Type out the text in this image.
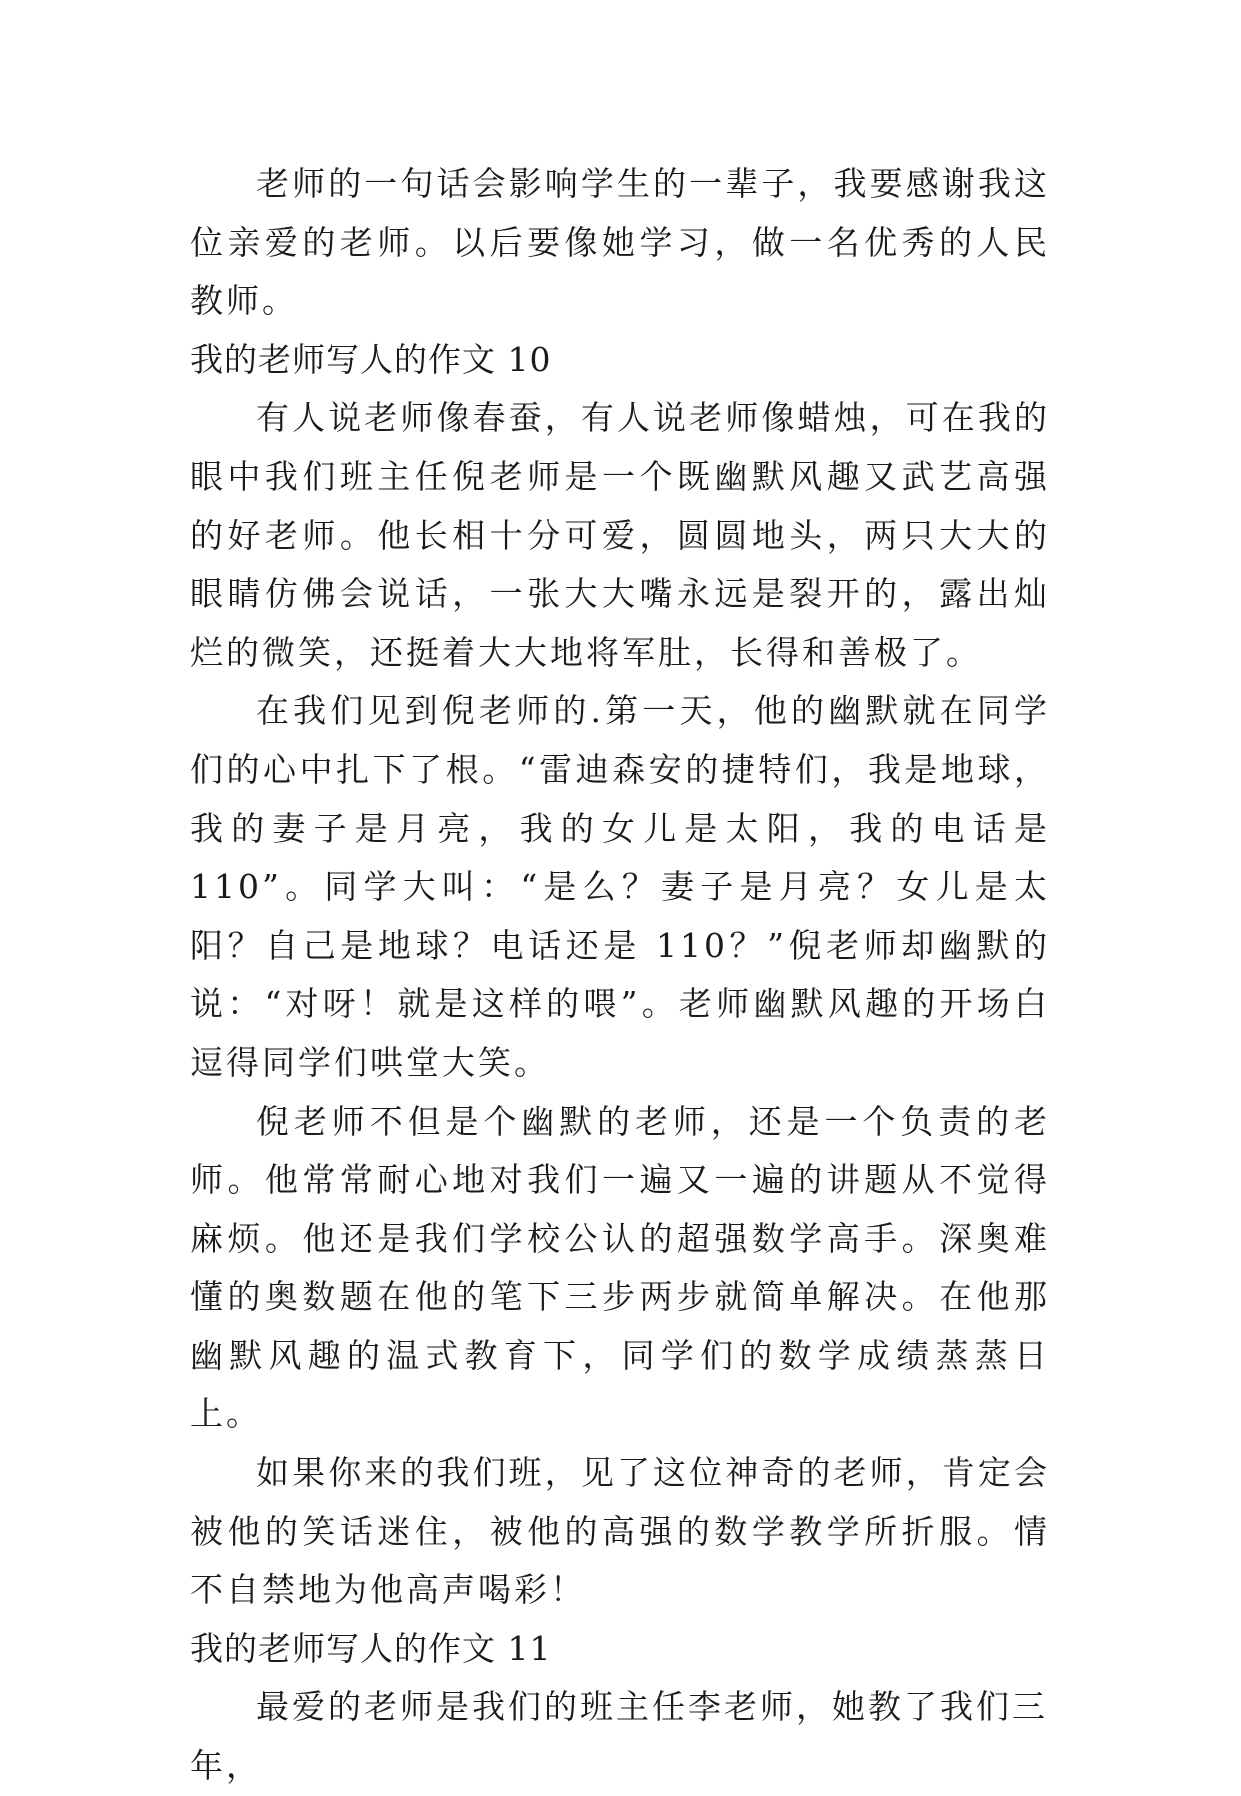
老师的一句话会影响学生的一辈子，我要感谢我这位亲爱的老师。以后要像她学习，做一名优秀的人民教师。

我的老师写人的作文 10

有人说老师像春蚕，有人说老师像蜡烛，可在我的眼中我们班主任倪老师是一个既幽默风趣又武艺高强的好老师。他长相十分可爱，圆圆地头，两只大大的眼睛仿佛会说话，一张大大嘴永远是裂开的，露出灿烂的微笑，还挺着大大地将军肚，长得和善极了。

在我们见到倪老师的.第一天，他的幽默就在同学们的心中扎下了根。“雷迪森安的捷特们，我是地球，我的妻子是月亮，我的女儿是太阳，我的电话是 110”。同学大叫：“是么？妻子是月亮？女儿是太阳？自己是地球？电话还是 110？”倪老师却幽默的说：“对呀！就是这样的喂”。老师幽默风趣的开场白逗得同学们哄堂大笑。

倪老师不但是个幽默的老师，还是一个负责的老师。他常常耐心地对我们一遍又一遍的讲题从不觉得麻烦。他还是我们学校公认的超强数学高手。深奥难懂的奥数题在他的笔下三步两步就简单解决。在他那幽默风趣的温式教育下，同学们的数学成绩蒸蒸日上。

如果你来的我们班，见了这位神奇的老师，肯定会被他的笑话迷住，被他的高强的数学教学所折服。情不自禁地为他高声喝彩！

我的老师写人的作文 11

最爱的老师是我们的班主任李老师，她教了我们三年，
